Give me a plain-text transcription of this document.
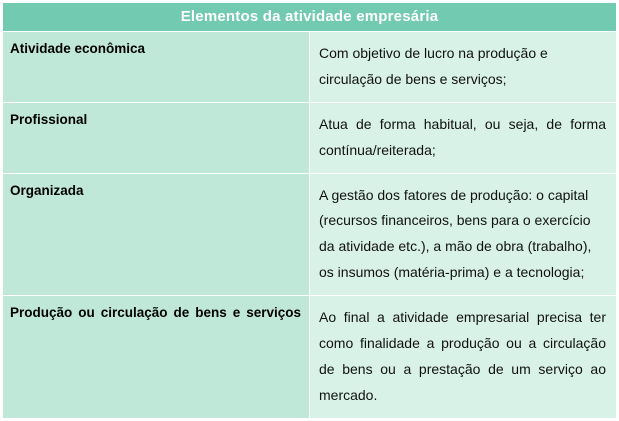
Elementos da atividade empresária	
Atividade econômica	Com objetivo de lucro na produção e circulação de bens e serviços;
Profissional	Atua de forma habitual, ou seja, de forma contínua/reiterada;
Organizada	A gestão dos fatores de produção: o capital (recursos financeiros, bens para o exercício da atividade etc.), a mão de obra (trabalho), os insumos (matéria-prima) e a tecnologia;
Produção ou circulação de bens e serviços	Ao final a atividade empresarial precisa ter como finalidade a produção ou a circulação de bens ou a prestação de um serviço ao mercado.
